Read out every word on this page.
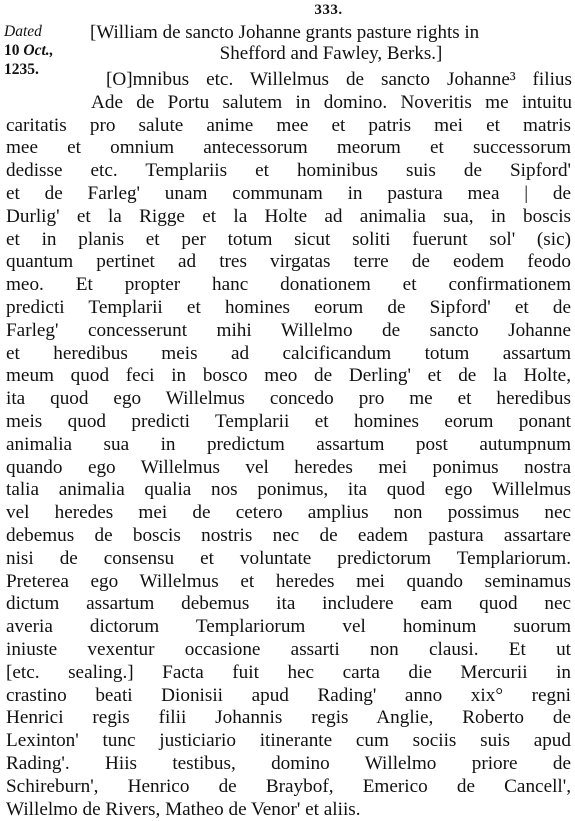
333.
Dated
10 Oct.,
1235.
[William de sancto Johanne grants pasture rights in
Shefford and Fawley, Berks.]
[O]mnibus etc. Willelmus de sancto Johanne³ filius
Ade de Portu salutem in domino. Noveritis me intuitu
caritatis pro salute anime mee et patris mei et matris
mee et omnium antecessorum meorum et successorum
dedisse etc. Templariis et hominibus suis de Sipford'
et de Farleg' unam communam in pastura mea | de
Durlig' et la Rigge et la Holte ad animalia sua, in boscis
et in planis et per totum sicut soliti fuerunt sol' (sic)
quantum pertinet ad tres virgatas terre de eodem feodo
meo. Et propter hanc donationem et confirmationem
predicti Templarii et homines eorum de Sipford' et de
Farleg' concesserunt mihi Willelmo de sancto Johanne
et heredibus meis ad calcificandum totum assartum
meum quod feci in bosco meo de Derling' et de la Holte,
ita quod ego Willelmus concedo pro me et heredibus
meis quod predicti Templarii et homines eorum ponant
animalia sua in predictum assartum post autumpnum
quando ego Willelmus vel heredes mei ponimus nostra
talia animalia qualia nos ponimus, ita quod ego Willelmus
vel heredes mei de cetero amplius non possimus nec
debemus de boscis nostris nec de eadem pastura assartare
nisi de consensu et voluntate predictorum Templariorum.
Preterea ego Willelmus et heredes mei quando seminamus
dictum assartum debemus ita includere eam quod nec
averia dictorum Templariorum vel hominum suorum
iniuste vexentur occasione assarti non clausi. Et ut
[etc. sealing.] Facta fuit hec carta die Mercurii in
crastino beati Dionisii apud Rading' anno xix° regni
Henrici regis filii Johannis regis Anglie, Roberto de
Lexinton' tunc justiciario itinerante cum sociis suis apud
Rading'. Hiis testibus, domino Willelmo priore de
Schireburn', Henrico de Braybof, Emerico de Cancell',
Willelmo de Rivers, Matheo de Venor' et aliis.
